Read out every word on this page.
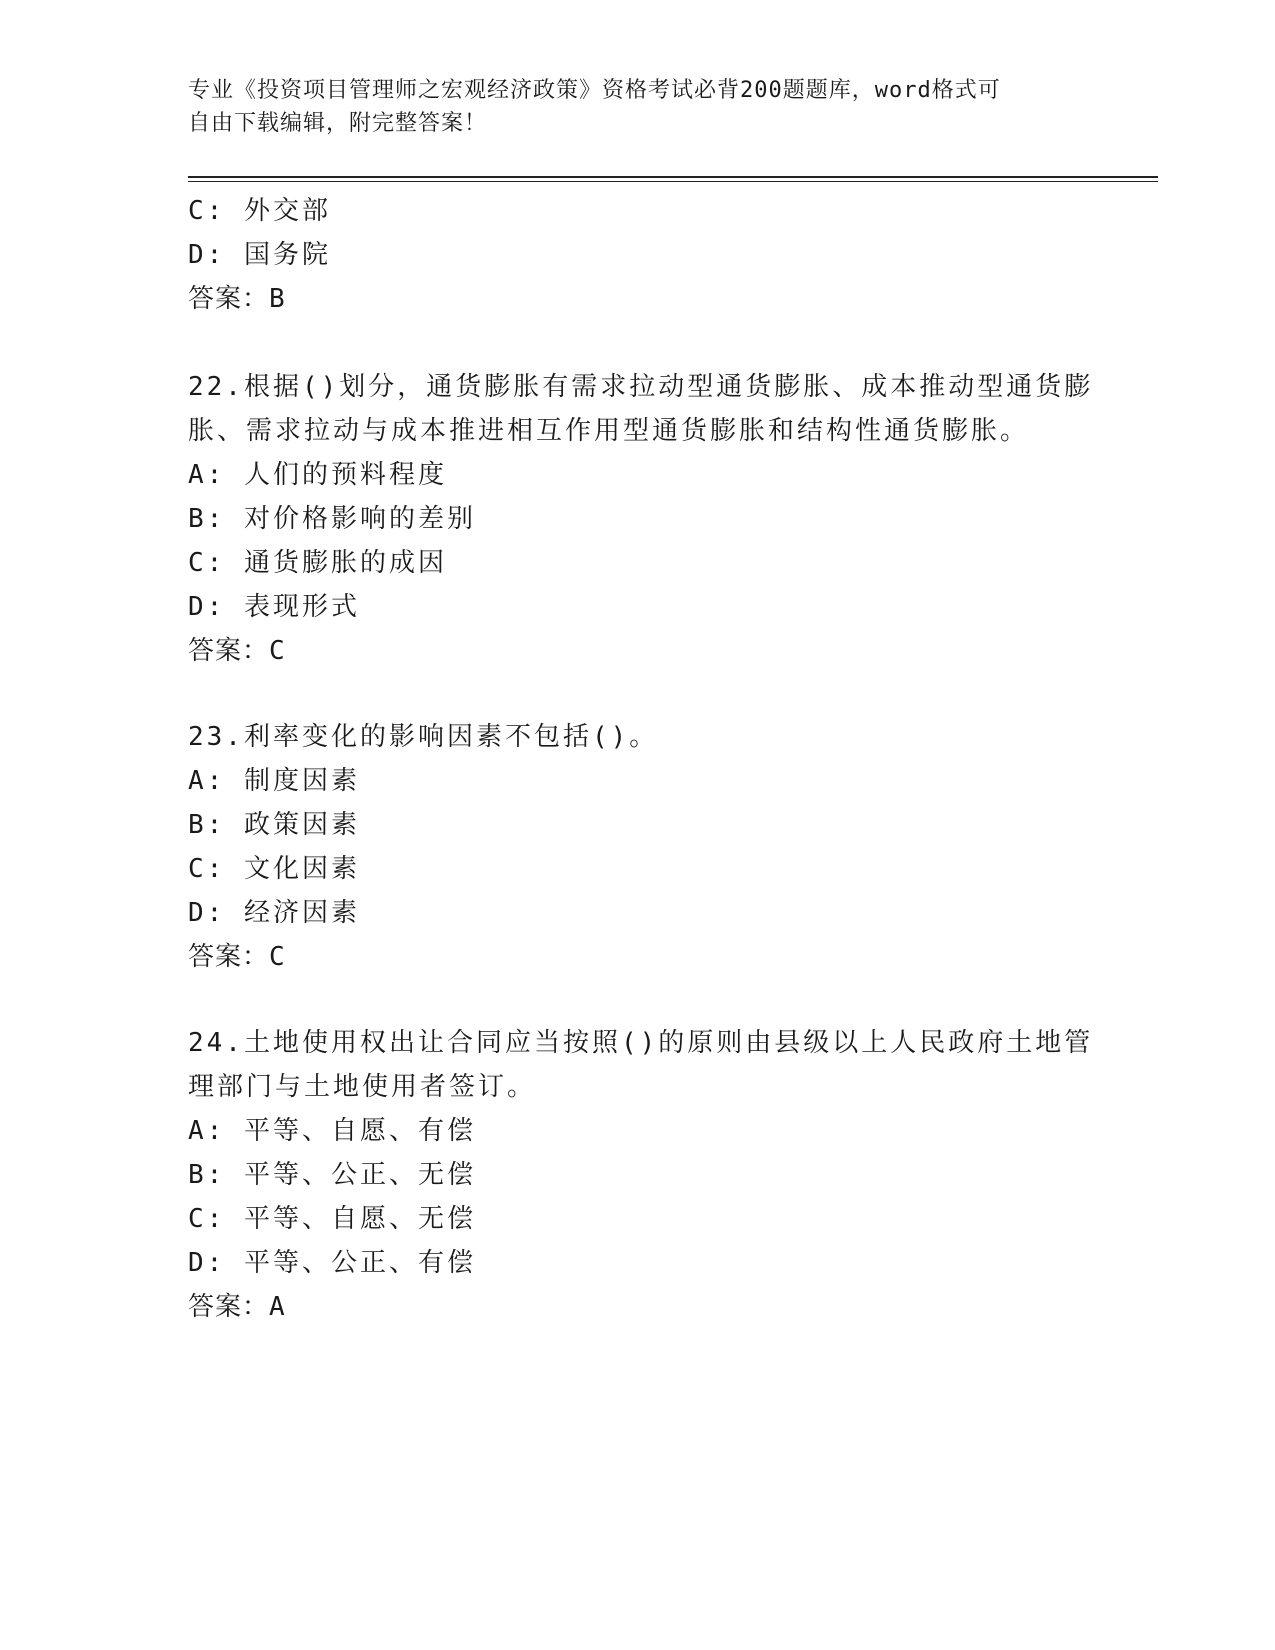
专业《投资项目管理师之宏观经济政策》资格考试必背200题题库，word格式可
自由下载编辑，附完整答案！
C: 外交部
D: 国务院
答案：B
22.根据()划分，通货膨胀有需求拉动型通货膨胀、成本推动型通货膨
胀、需求拉动与成本推进相互作用型通货膨胀和结构性通货膨胀。
A: 人们的预料程度
B: 对价格影响的差别
C: 通货膨胀的成因
D: 表现形式
答案：C
23.利率变化的影响因素不包括()。
A: 制度因素
B: 政策因素
C: 文化因素
D: 经济因素
答案：C
24.土地使用权出让合同应当按照()的原则由县级以上人民政府土地管
理部门与土地使用者签订。
A: 平等、自愿、有偿
B: 平等、公正、无偿
C: 平等、自愿、无偿
D: 平等、公正、有偿
答案：A
